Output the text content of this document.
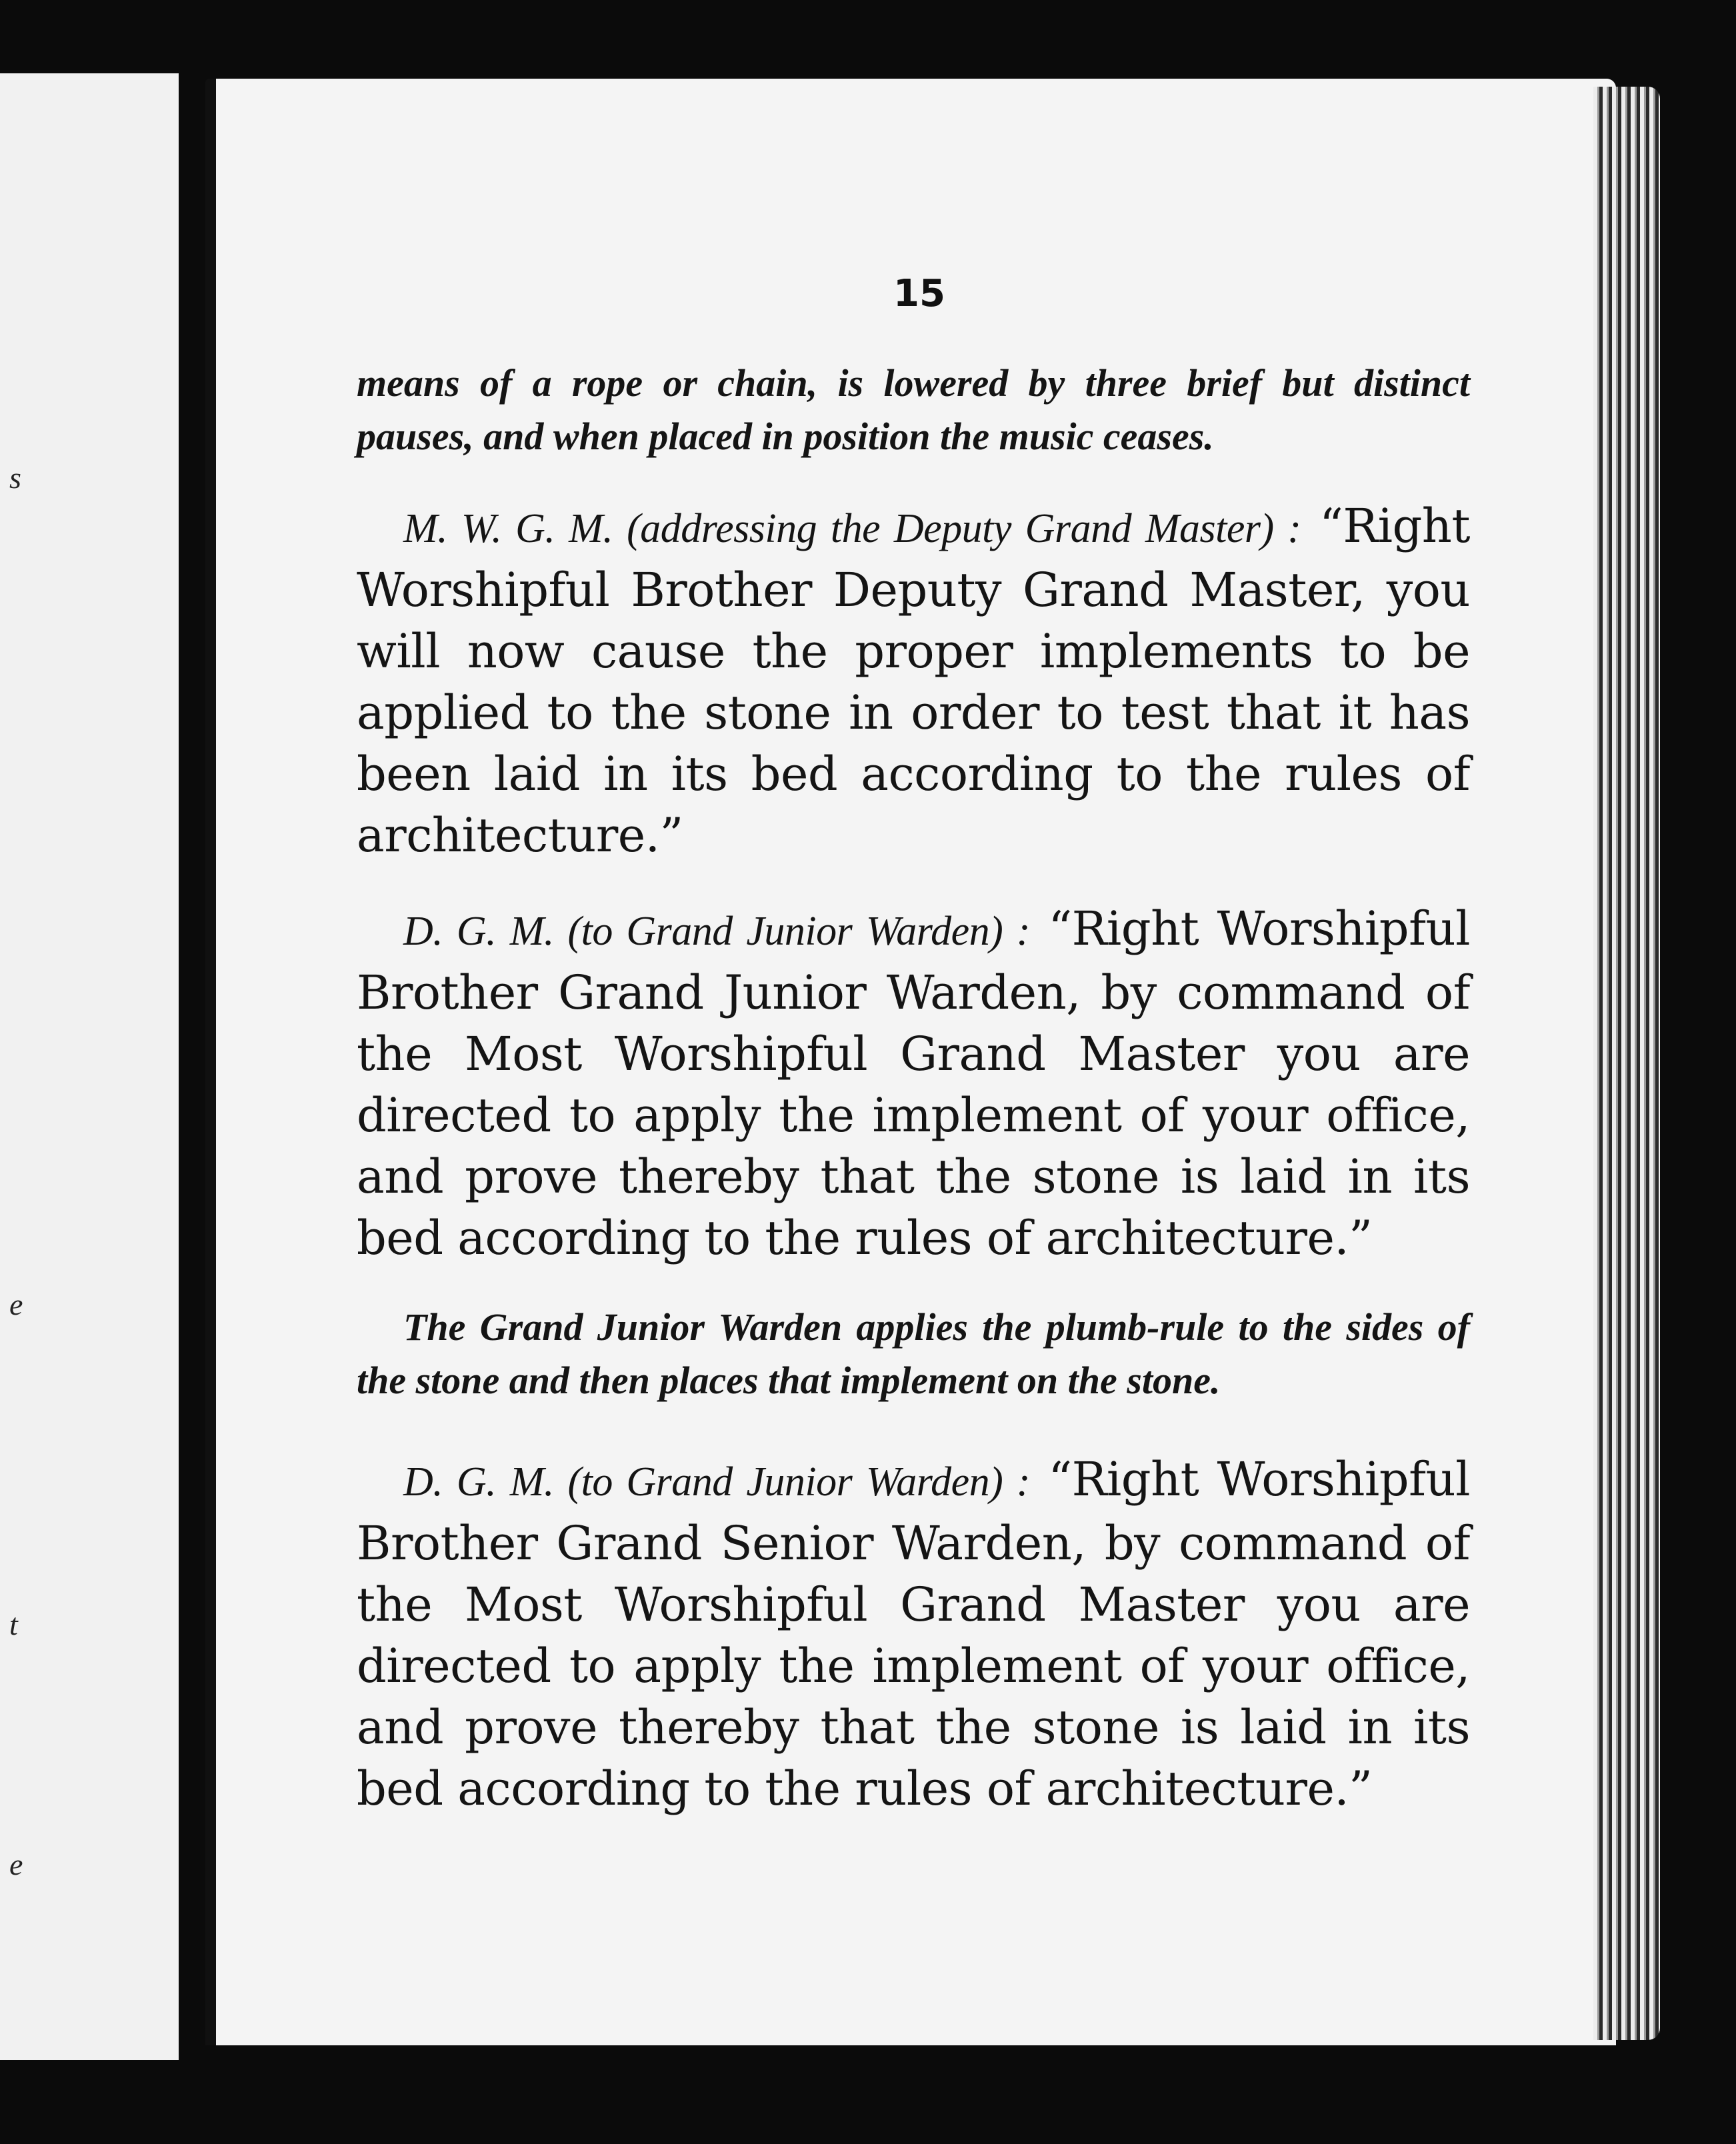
s
e
t
e
15

means of a rope or chain, is lowered by three brief but distinct pauses, and when placed in position the music ceases.

M. W. G. M. (addressing the Deputy Grand Master) : “Right Worshipful Brother Deputy Grand Master, you will now cause the proper implements to be applied to the stone in order to test that it has been laid in its bed according to the rules of architecture.”

D. G. M. (to Grand Junior Warden) : “Right Worshipful Brother Grand Junior Warden, by command of the Most Worshipful Grand Master you are directed to apply the implement of your office, and prove thereby that the stone is laid in its bed according to the rules of architecture.”

The Grand Junior Warden applies the plumb-rule to the sides of the stone and then places that implement on the stone.

D. G. M. (to Grand Junior Warden) : “Right Worshipful Brother Grand Senior Warden, by command of the Most Worshipful Grand Master you are directed to apply the implement of your office, and prove thereby that the stone is laid in its bed according to the rules of architecture.”
